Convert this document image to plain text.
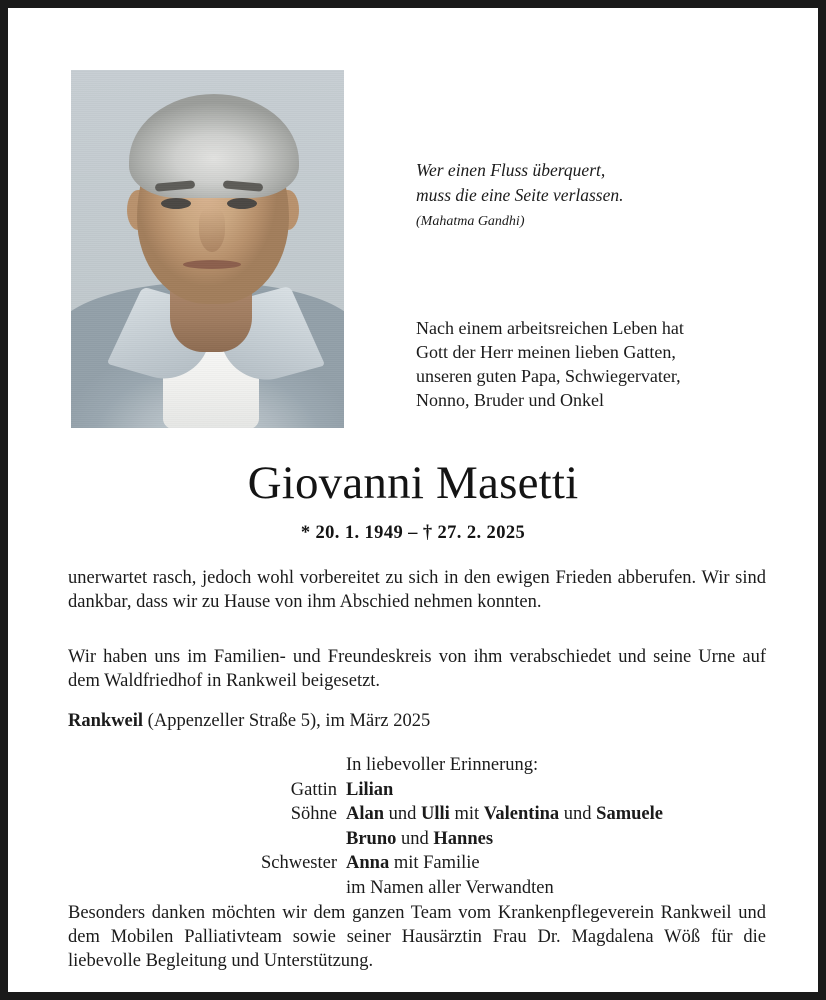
Wer einen Fluss überquert,
muss die eine Seite verlassen.
(Mahatma Gandhi)
Nach einem arbeitsreichen Leben hat
Gott der Herr meinen lieben Gatten,
unseren guten Papa, Schwiegervater,
Nonno, Bruder und Onkel
Giovanni Masetti
* 20. 1. 1949 – † 27. 2. 2025
unerwartet rasch, jedoch wohl vorbereitet zu sich in den ewigen Frieden abberufen. Wir sind dankbar, dass wir zu Hause von ihm Abschied nehmen konnten.
Wir haben uns im Familien- und Freundeskreis von ihm verabschiedet und seine Urne auf dem Waldfriedhof in Rankweil beigesetzt.
Rankweil (Appenzeller Straße 5), im März 2025
In liebevoller Erinnerung:
Gattin Lilian
Söhne Alan und Ulli mit Valentina und Samuele
Bruno und Hannes
Schwester Anna mit Familie
im Namen aller Verwandten
Besonders danken möchten wir dem ganzen Team vom Krankenpflegeverein Rankweil und dem Mobilen Palliativteam sowie seiner Hausärztin Frau Dr. Magdalena Wöß für die liebevolle Begleitung und Unterstützung.
